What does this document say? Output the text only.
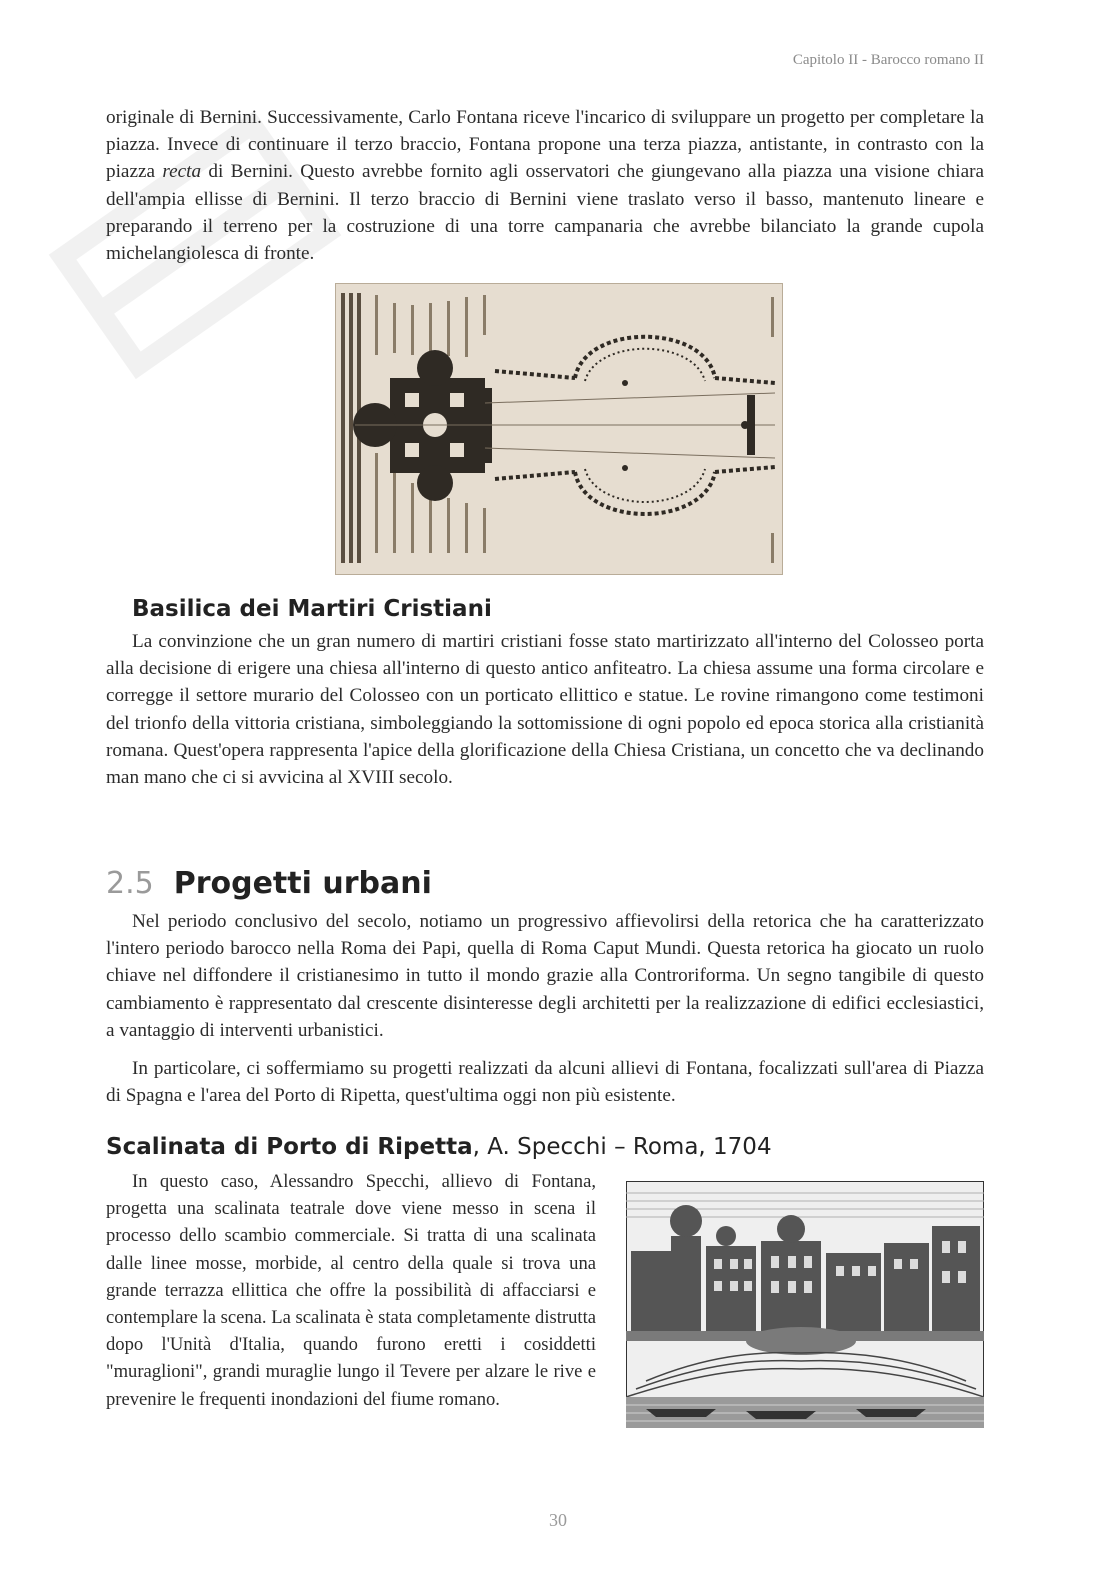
Capitolo II - Barocco romano II

originale di Bernini. Successivamente, Carlo Fontana riceve l'incarico di sviluppare un progetto per completare la piazza. Invece di continuare il terzo braccio, Fontana propone una terza piazza, antistante, in contrasto con la piazza recta di Bernini. Questo avrebbe fornito agli osservatori che giungevano alla piazza una visione chiara dell'ampia ellisse di Bernini. Il terzo braccio di Bernini viene traslato verso il basso, mantenuto lineare e preparando il terreno per la costruzione di una torre campanaria che avrebbe bilanciato la grande cupola michelangiolesca di fronte.

Basilica dei Martiri Cristiani

La convinzione che un gran numero di martiri cristiani fosse stato martirizzato all'interno del Colosseo porta alla decisione di erigere una chiesa all'interno di questo antico anfiteatro. La chiesa assume una forma circolare e corregge il settore murario del Colosseo con un porticato ellittico e statue. Le rovine rimangono come testimoni del trionfo della vittoria cristiana, simboleggiando la sottomissione di ogni popolo ed epoca storica alla cristianità romana. Quest'opera rappresenta l'apice della glorificazione della Chiesa Cristiana, un concetto che va declinando man mano che ci si avvicina al XVIII secolo.

2.5 Progetti urbani

Nel periodo conclusivo del secolo, notiamo un progressivo affievolirsi della retorica che ha caratterizzato l'intero periodo barocco nella Roma dei Papi, quella di Roma Caput Mundi. Questa retorica ha giocato un ruolo chiave nel diffondere il cristianesimo in tutto il mondo grazie alla Controriforma. Un segno tangibile di questo cambiamento è rappresentato dal crescente disinteresse degli architetti per la realizzazione di edifici ecclesiastici, a vantaggio di interventi urbanistici.

In particolare, ci soffermiamo su progetti realizzati da alcuni allievi di Fontana, focalizzati sull'area di Piazza di Spagna e l'area del Porto di Ripetta, quest'ultima oggi non più esistente.

Scalinata di Porto di Ripetta, A. Specchi – Roma, 1704

In questo caso, Alessandro Specchi, allievo di Fontana, progetta una scalinata teatrale dove viene messo in scena il processo dello scambio commerciale. Si tratta di una scalinata dalle linee mosse, morbide, al centro della quale si trova una grande terrazza ellittica che offre la possibilità di affacciarsi e contemplare la scena. La scalinata è stata completamente distrutta dopo l'Unità d'Italia, quando furono eretti i cosiddetti "muraglioni", grandi muraglie lungo il Tevere per alzare le rive e prevenire le frequenti inondazioni del fiume romano.

30
